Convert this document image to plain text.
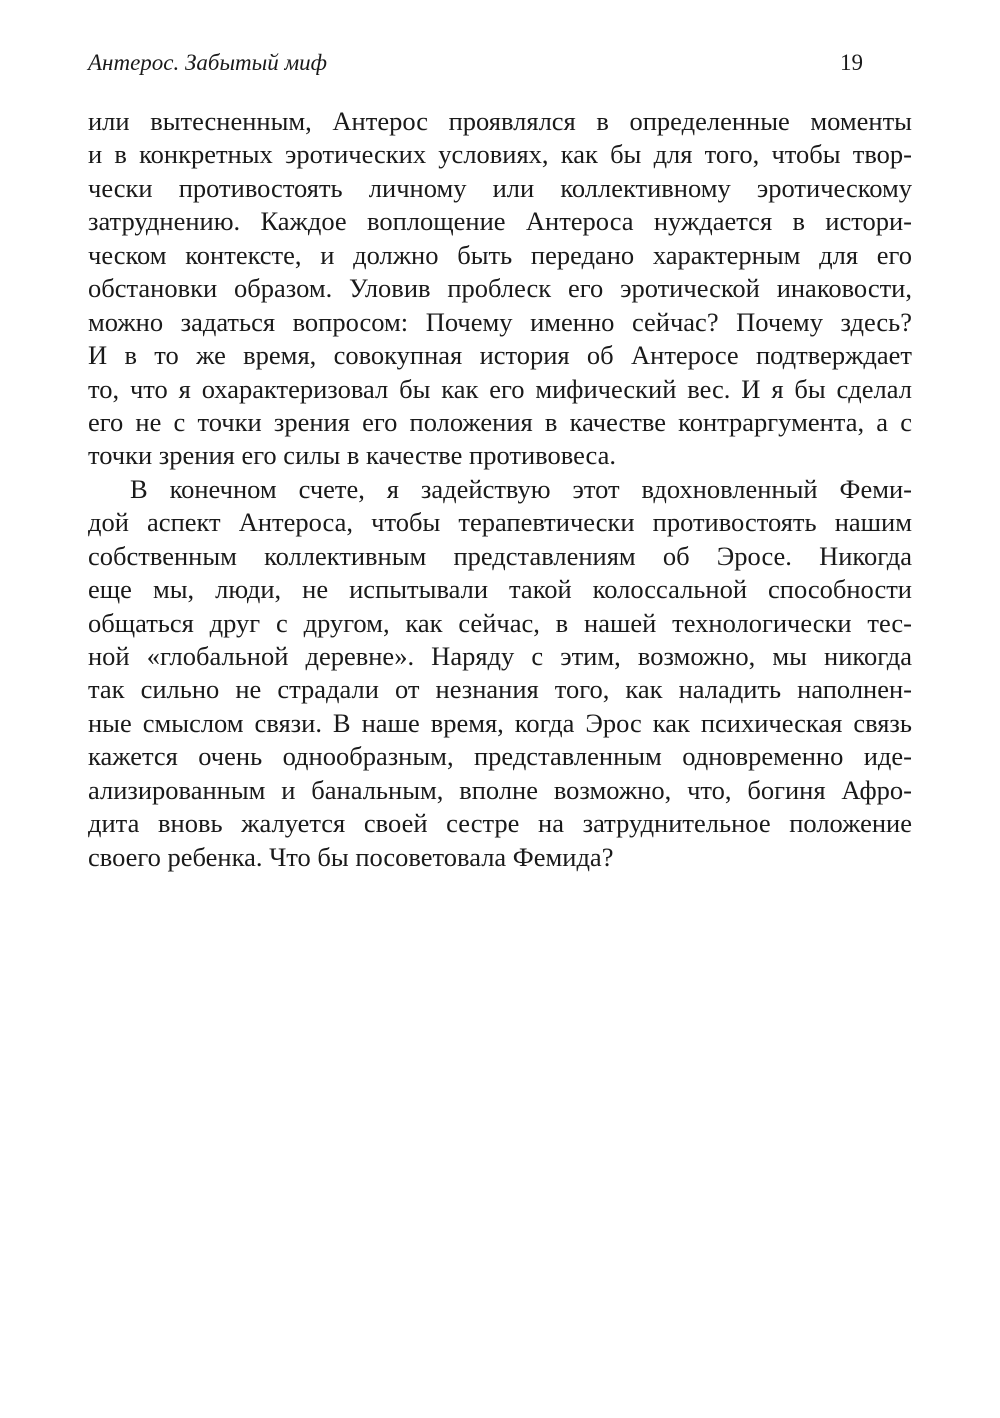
Антерос. Забытый миф	19
или вытесненным, Антерос проявлялся в определенные моменты
и в конкретных эротических условиях, как бы для того, чтобы твор-
чески противостоять личному или коллективному эротическому
затруднению. Каждое воплощение Антероса нуждается в истори-
ческом контексте, и должно быть передано характерным для его
обстановки образом. Уловив проблеск его эротической инаковости,
можно задаться вопросом: Почему именно сейчас? Почему здесь?
И в то же время, совокупная история об Антеросе подтверждает
то, что я охарактеризовал бы как его мифический вес. И я бы сделал
его не с точки зрения его положения в качестве контраргумента, а с
точки зрения его силы в качестве противовеса.
В конечном счете, я задействую этот вдохновленный Феми-
дой аспект Антероса, чтобы терапевтически противостоять нашим
собственным коллективным представлениям об Эросе. Никогда
еще мы, люди, не испытывали такой колоссальной способности
общаться друг с другом, как сейчас, в нашей технологически тес-
ной «глобальной деревне». Наряду с этим, возможно, мы никогда
так сильно не страдали от незнания того, как наладить наполнен-
ные смыслом связи. В наше время, когда Эрос как психическая связь
кажется очень однообразным, представленным одновременно иде-
ализированным и банальным, вполне возможно, что, богиня Афро-
дита вновь жалуется своей сестре на затруднительное положение
своего ребенка. Что бы посоветовала Фемида?
